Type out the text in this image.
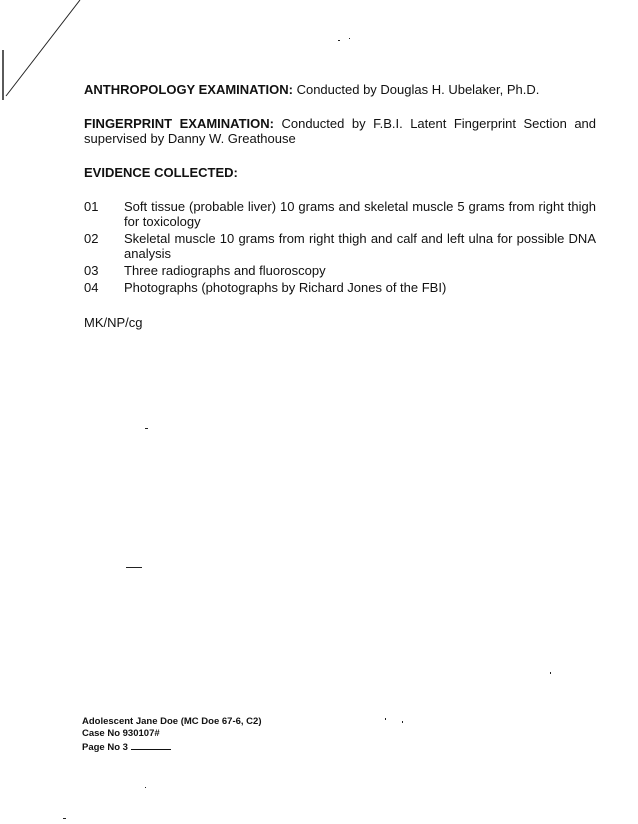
ANTHROPOLOGY EXAMINATION: Conducted by Douglas H. Ubelaker, Ph.D.
FINGERPRINT EXAMINATION: Conducted by F.B.I. Latent Fingerprint Section and supervised by Danny W. Greathouse
EVIDENCE COLLECTED:
01 Soft tissue (probable liver) 10 grams and skeletal muscle 5 grams from right thigh for toxicology
02 Skeletal muscle 10 grams from right thigh and calf and left ulna for possible DNA analysis
03 Three radiographs and fluoroscopy
04 Photographs (photographs by Richard Jones of the FBI)
MK/NP/cg
Adolescent Jane Doe (MC Doe 67-6, C2)
Case No 930107#
Page No 3
